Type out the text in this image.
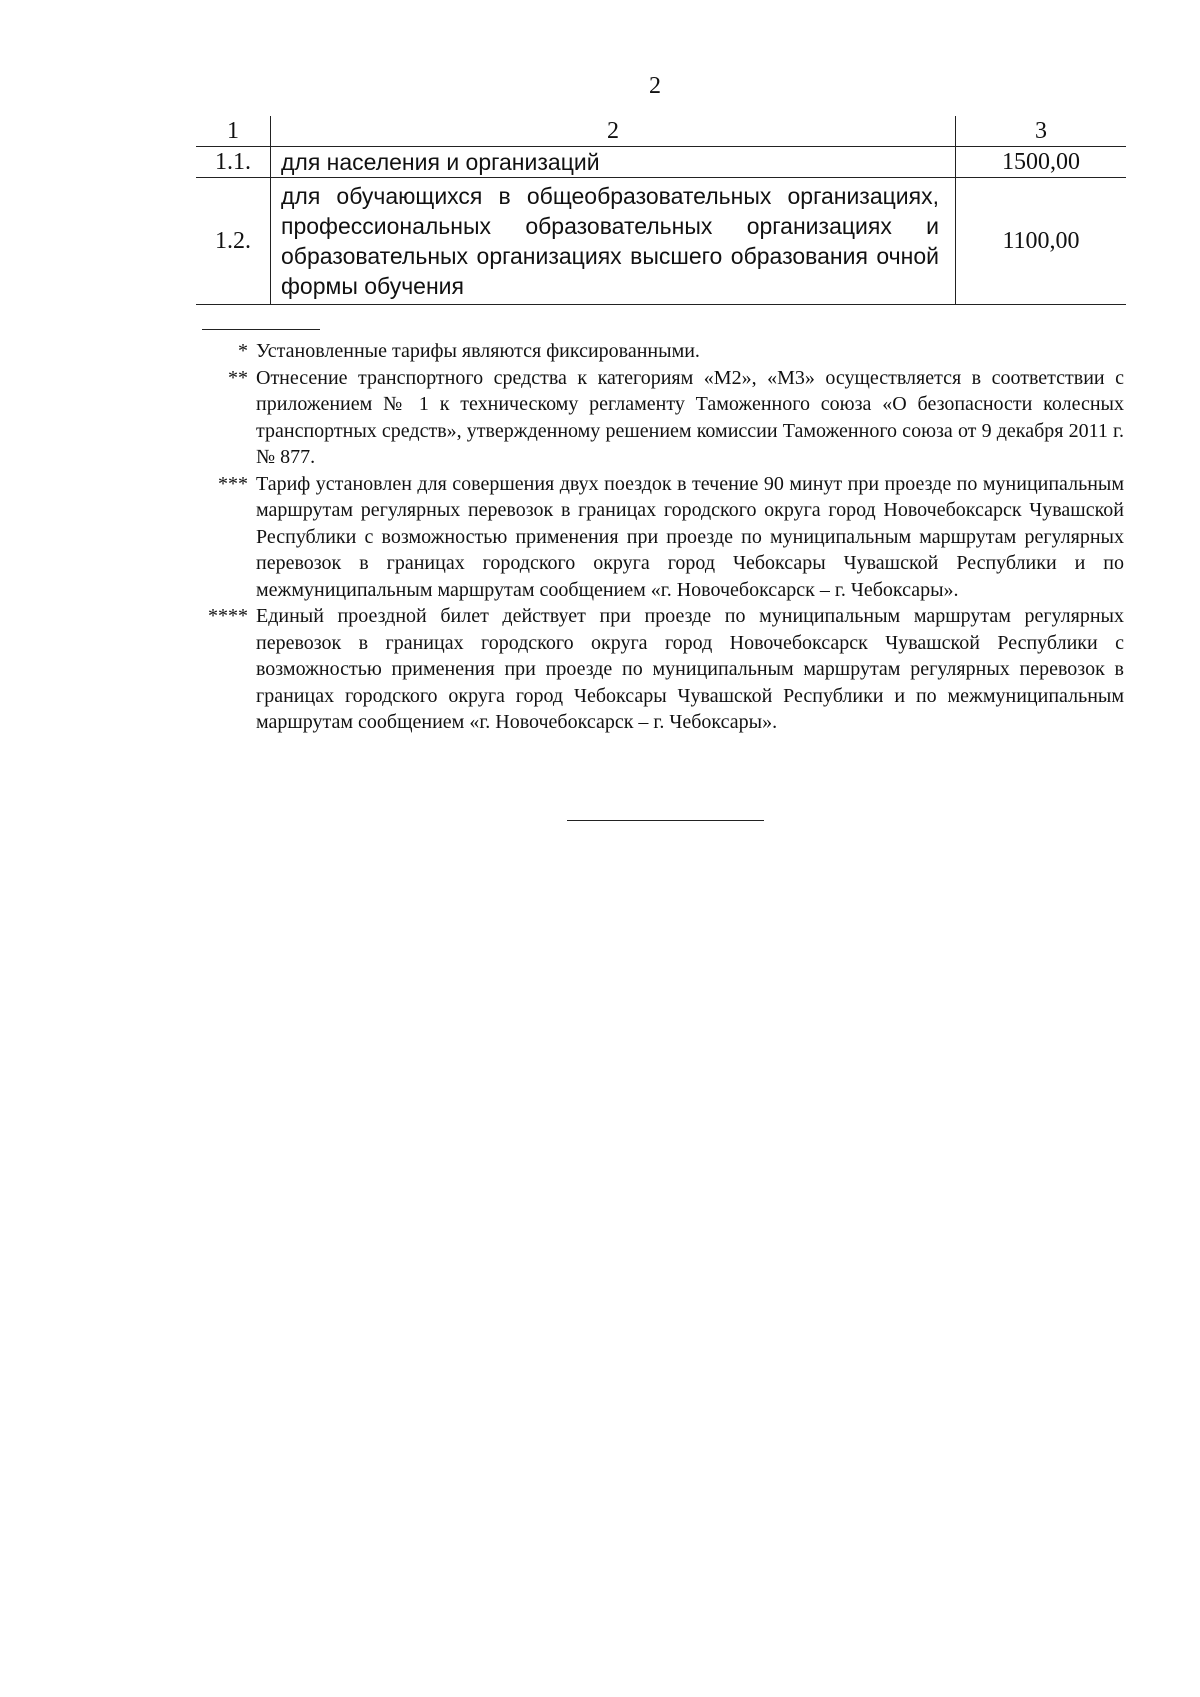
2
1	2	3
1.1.	для населения и организаций	1500,00
1.2.	для обучающихся в общеобразовательных организациях, профессиональных образовательных организациях и образовательных организациях высшего образования очной формы обучения	1100,00
* Установленные тарифы являются фиксированными.
** Отнесение транспортного средства к категориям «М2», «М3» осуществляется в соответствии с приложением № 1 к техническому регламенту Таможенного союза «О безопасности колесных транспортных средств», утвержденному решением комиссии Таможенного союза от 9 декабря 2011 г. № 877.
*** Тариф установлен для совершения двух поездок в течение 90 минут при проезде по муниципальным маршрутам регулярных перевозок в границах городского округа город Новочебоксарск Чувашской Республики с возможностью применения при проезде по муниципальным маршрутам регулярных перевозок в границах городского округа город Чебоксары Чувашской Республики и по межмуниципальным маршрутам сообщением «г. Новочебоксарск – г. Чебоксары».
**** Единый проездной билет действует при проезде по муниципальным маршрутам регулярных перевозок в границах городского округа город Новочебоксарск Чувашской Республики с возможностью применения при проезде по муниципальным маршрутам регулярных перевозок в границах городского округа город Чебоксары Чувашской Республики и по межмуниципальным маршрутам сообщением «г. Новочебоксарск – г. Чебоксары».
